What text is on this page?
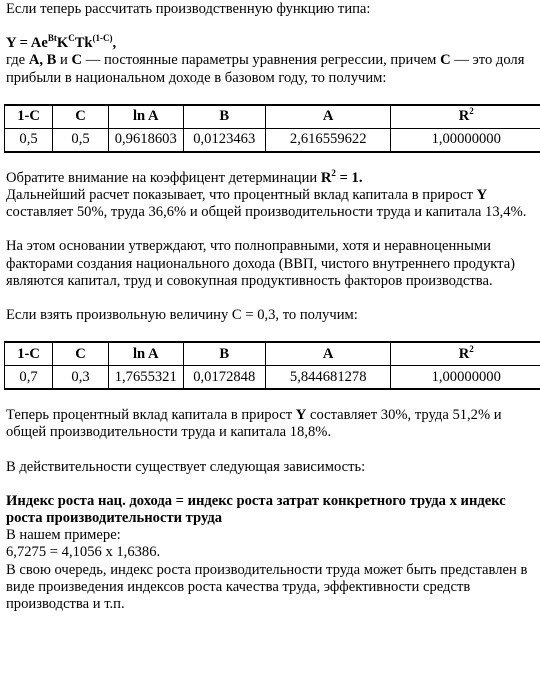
Если теперь рассчитать производственную функцию типа:

$Y = Ae^{Bt}K^CTk^{(1-C)}$,

где A, B и C — постоянные параметры уравнения регрессии, причем C — это доля прибыли в национальном доходе в базовом году, то получим:

1-C	C	ln A	B	A	$R^2$
0,5	0,5	0,9618603	0,0123463	2,616559622	1,00000000

Обратите внимание на коэффицент детерминации $R^2 = 1$.

Дальнейший расчет показывает, что процентный вклад капитала в прирост Y составляет 50%, труда 36,6% и общей производительности труда и капитала 13,4%.

На этом основании утверждают, что полноправными, хотя и неравноценными факторами создания национального дохода (ВВП, чистого внутреннего продукта) являются капитал, труд и совокупная продуктивность факторов производства.

Если взять произвольную величину C = 0,3, то получим:

1-C	C	ln A	B	A	$R^2$
0,7	0,3	1,7655321	0,0172848	5,844681278	1,00000000

Теперь процентный вклад капитала в прирост Y составляет 30%, труда 51,2% и общей производительности труда и капитала 18,8%.

В действительности существует следующая зависимость:

Индекс роста нац. дохода = индекс роста затрат конкретного труда х индекс роста производительности труда

В нашем примере:

6,7275 = 4,1056 х 1,6386.

В свою очередь, индекс роста производительности труда может быть представлен в виде произведения индексов роста качества труда, эффективности средств производства и т.п.
